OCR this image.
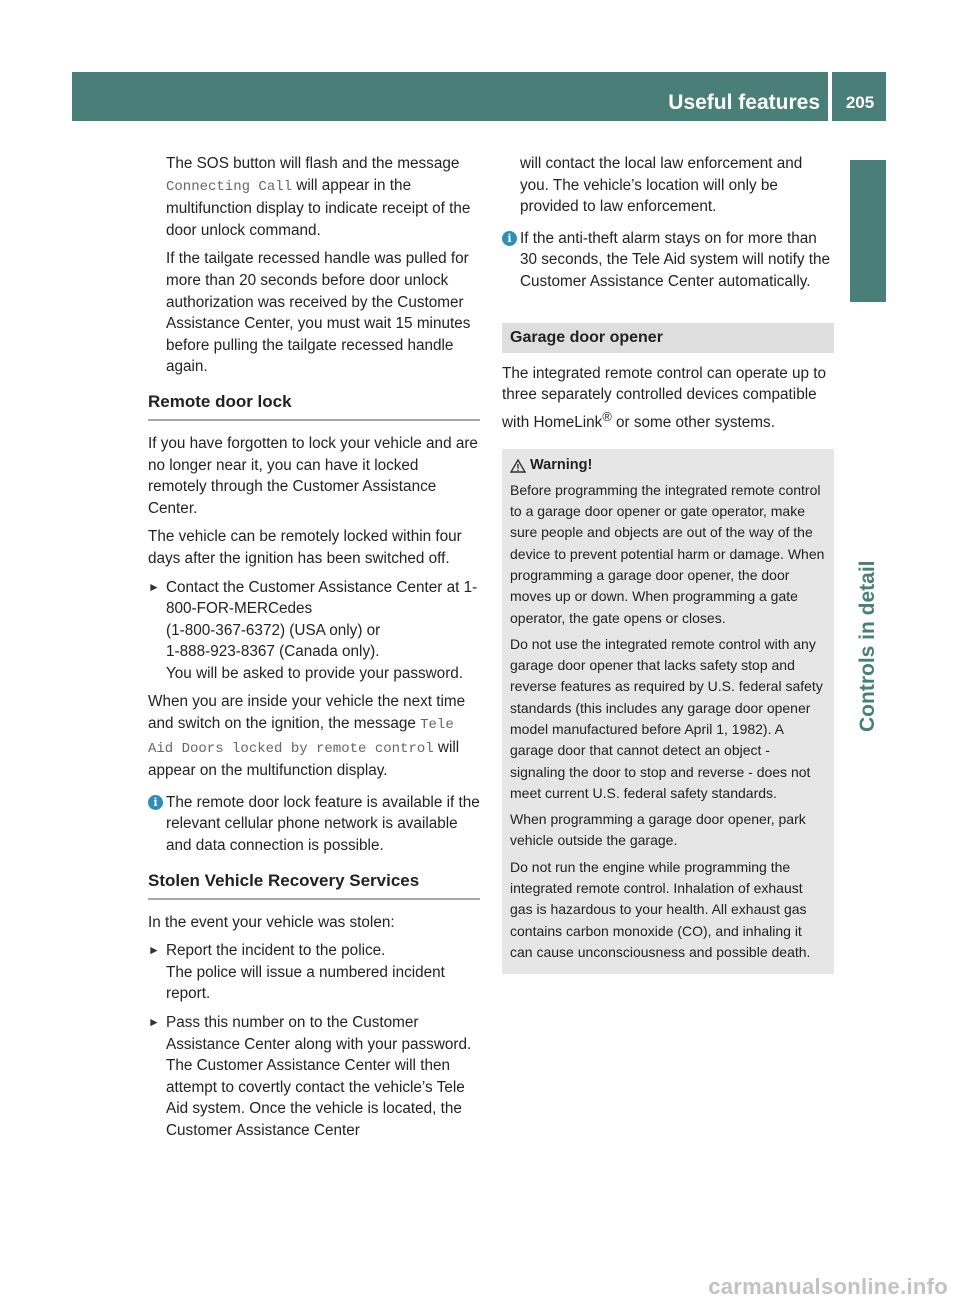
Useful features	205
Controls in detail

The SOS button will flash and the message Connecting Call will appear in the multifunction display to indicate receipt of the door unlock command.

If the tailgate recessed handle was pulled for more than 20 seconds before door unlock authorization was received by the Customer Assistance Center, you must wait 15 minutes before pulling the tailgate recessed handle again.

Remote door lock

If you have forgotten to lock your vehicle and are no longer near it, you can have it locked remotely through the Customer Assistance Center.

The vehicle can be remotely locked within four days after the ignition has been switched off.

► Contact the Customer Assistance Center at 1-800-FOR-MERCedes
(1-800-367-6372) (USA only) or
1-888-923-8367 (Canada only).
You will be asked to provide your password.

When you are inside your vehicle the next time and switch on the ignition, the message Tele Aid Doors locked by remote control will appear on the multifunction display.

i The remote door lock feature is available if the relevant cellular phone network is available and data connection is possible.
Stolen Vehicle Recovery Services

In the event your vehicle was stolen:

► Report the incident to the police.
The police will issue a numbered incident report.
► Pass this number on to the Customer Assistance Center along with your password.
The Customer Assistance Center will then attempt to covertly contact the vehicle’s Tele Aid system. Once the vehicle is located, the Customer Assistance Center

will contact the local law enforcement and you. The vehicle’s location will only be provided to law enforcement.

i If the anti-theft alarm stays on for more than 30 seconds, the Tele Aid system will notify the Customer Assistance Center automatically.
Garage door opener

The integrated remote control can operate up to three separately controlled devices compatible with HomeLink® or some other systems.

Warning!

Before programming the integrated remote control to a garage door opener or gate operator, make sure people and objects are out of the way of the device to prevent potential harm or damage. When programming a garage door opener, the door moves up or down. When programming a gate operator, the gate opens or closes.

Do not use the integrated remote control with any garage door opener that lacks safety stop and reverse features as required by U.S. federal safety standards (this includes any garage door opener model manufactured before April 1, 1982). A garage door that cannot detect an object - signaling the door to stop and reverse - does not meet current U.S. federal safety standards.

When programming a garage door opener, park vehicle outside the garage.

Do not run the engine while programming the integrated remote control. Inhalation of exhaust gas is hazardous to your health. All exhaust gas contains carbon monoxide (CO), and inhaling it can cause unconsciousness and possible death.

carmanualsonline.info
